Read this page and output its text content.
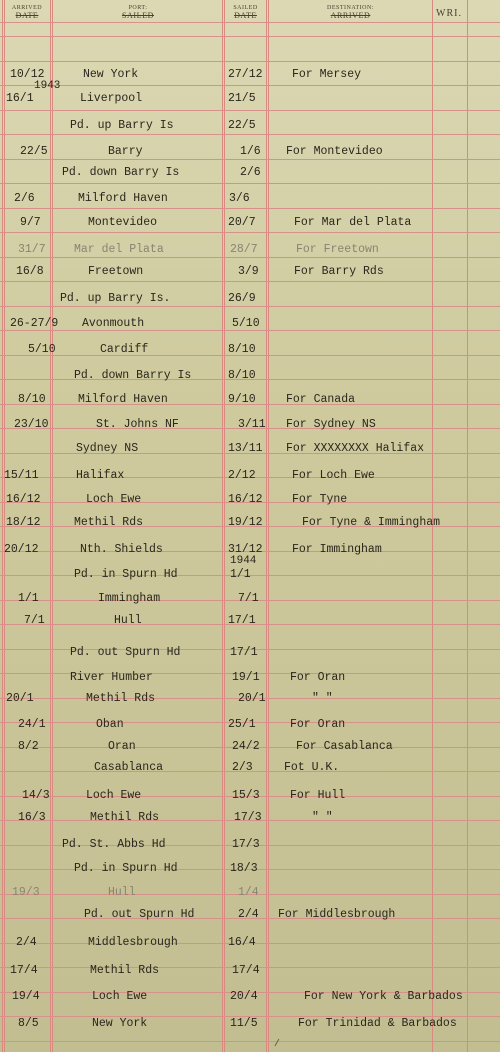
ARRIVED
DATE
PORT:
SAILED
SAILED
DATE
DESTINATION:
ARRIVED	WRI.
10/12	New York	27/12	For Mersey
16/1	Liverpool	21/5
Pd. up Barry Is	22/5
22/5	Barry	1/6 For Montevideo
Pd. down Barry Is	2/6
2/6	Milford Haven	3/6
9/7	Montevideo	20/7	For Mar del Plata
31/7 Mar del Plata	28/7	For Freetown
16/8	Freetown	3/9	For Barry Rds
Pd. up Barry Is.	26/9
26-27/9 Avonmouth	5/10
5/10	Cardiff	8/10
Pd. down Barry Is	8/10
8/10	Milford Haven	9/10	For Canada
23/10	St. Johns NF	3/11 For Sydney NS
Sydney NS	13/11 For XXXXXXXX Halifax
15/11	Halifax	2/12	For Loch Ewe
16/12	Loch Ewe	16/12	For Tyne
18/12	Methil Rds	19/12	For Tyne & Immingham
20/12	Nth. Shields	31/12	For Immingham
Pd. in Spurn Hd	1/1
1/1	Immingham	7/1
7/1	Hull	17/1
Pd. out Spurn Hd	17/1
River Humber	19/1	For Oran
20/1	Methil Rds	20/1	" "
24/1	Oban	25/1	For Oran
8/2	Oran	24/2	For Casablanca
Casablanca	2/3	Fot U.K.
14/3	Loch Ewe	15/3	For Hull
16/3	Methil Rds	17/3	" "
Pd. St. Abbs Hd	17/3
Pd. in Spurn Hd	18/3
19/3	Hull	1/4
Pd. out Spurn Hd	2/4 For Middlesbrough
2/4	Middlesbrough	16/4
17/4	Methil Rds	17/4
19/4	Loch Ewe	20/4	For New York & Barbados
8/5	New York	11/5	For Trinidad & Barbados
1943
1944
